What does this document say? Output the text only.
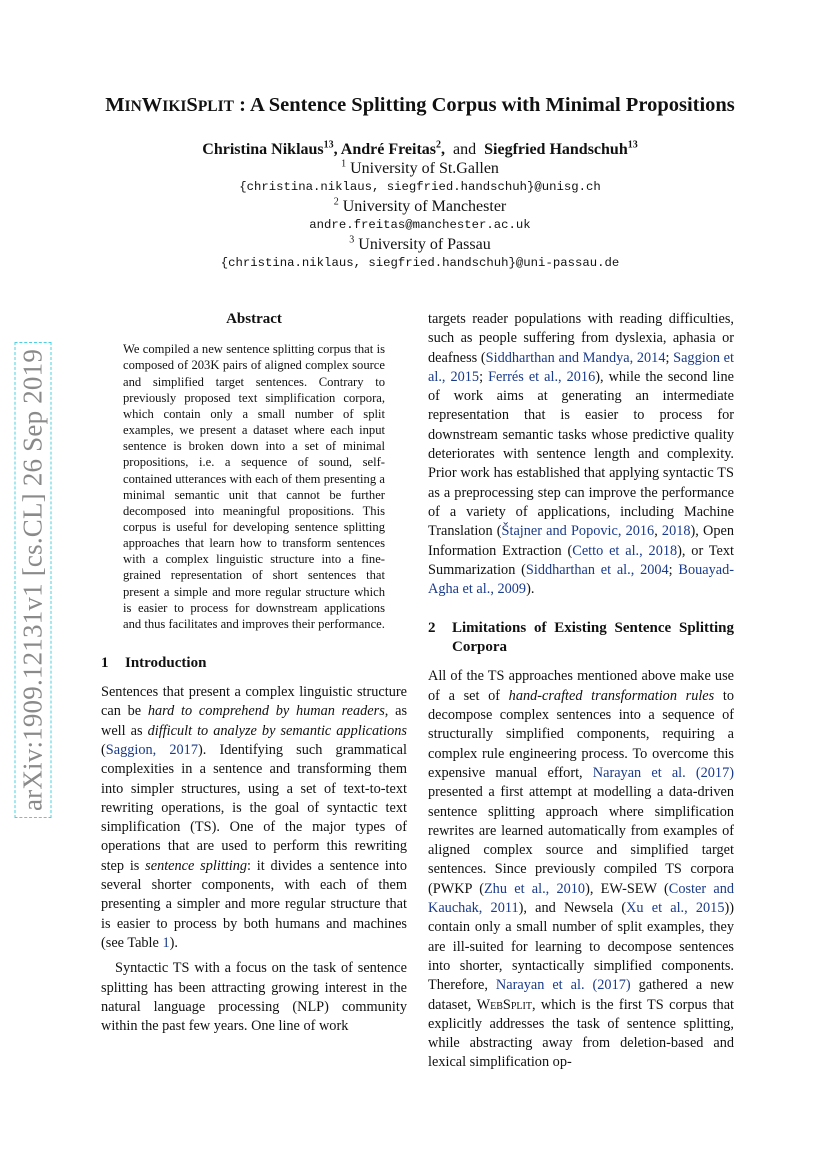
arXiv:1909.12131v1 [cs.CL] 26 Sep 2019
MINWIKISPLIT : A Sentence Splitting Corpus with Minimal Propositions
Christina Niklaus$^{13}$, André Freitas$^2$,  and Siegfried Handschuh$^{13}$
$^1$ University of St.Gallen
{christina.niklaus, siegfried.handschuh}@unisg.ch
$^2$ University of Manchester
andre.freitas@manchester.ac.uk
$^3$ University of Passau
{christina.niklaus, siegfried.handschuh}@uni-passau.de
Abstract

We compiled a new sentence splitting corpus that is composed of 203K pairs of aligned complex source and simplified target sentences. Contrary to previously proposed text simplification corpora, which contain only a small number of split examples, we present a dataset where each input sentence is broken down into a set of minimal propositions, i.e. a sequence of sound, self-contained utterances with each of them presenting a minimal semantic unit that cannot be further decomposed into meaningful propositions. This corpus is useful for developing sentence splitting approaches that learn how to transform sentences with a complex linguistic structure into a fine-grained representation of short sentences that present a simple and more regular structure which is easier to process for downstream applications and thus facilitates and improves their performance.

1	Introduction

Sentences that present a complex linguistic structure can be hard to comprehend by human readers, as well as difficult to analyze by semantic applications (Saggion, 2017). Identifying such grammatical complexities in a sentence and transforming them into simpler structures, using a set of text-to-text rewriting operations, is the goal of syntactic text simplification (TS). One of the major types of operations that are used to perform this rewriting step is sentence splitting: it divides a sentence into several shorter components, with each of them presenting a simpler and more regular structure that is easier to process by both humans and machines (see Table 1).

Syntactic TS with a focus on the task of sentence splitting has been attracting growing interest in the natural language processing (NLP) community within the past few years. One line of work

targets reader populations with reading difficulties, such as people suffering from dyslexia, aphasia or deafness (Siddharthan and Mandya, 2014; Saggion et al., 2015; Ferrés et al., 2016), while the second line of work aims at generating an intermediate representation that is easier to process for downstream semantic tasks whose predictive quality deteriorates with sentence length and complexity. Prior work has established that applying syntactic TS as a preprocessing step can improve the performance of a variety of applications, including Machine Translation (Štajner and Popovic, 2016, 2018), Open Information Extraction (Cetto et al., 2018), or Text Summarization (Siddharthan et al., 2004; Bouayad-Agha et al., 2009).

2	Limitations of Existing Sentence Splitting Corpora

All of the TS approaches mentioned above make use of a set of hand-crafted transformation rules to decompose complex sentences into a sequence of structurally simplified components, requiring a complex rule engineering process. To overcome this expensive manual effort, Narayan et al. (2017) presented a first attempt at modelling a data-driven sentence splitting approach where simplification rewrites are learned automatically from examples of aligned complex source and simplified target sentences. Since previously compiled TS corpora (PWKP (Zhu et al., 2010), EW-SEW (Coster and Kauchak, 2011), and Newsela (Xu et al., 2015)) contain only a small number of split examples, they are ill-suited for learning to decompose sentences into shorter, syntactically simplified components. Therefore, Narayan et al. (2017) gathered a new dataset, WebSplit, which is the first TS corpus that explicitly addresses the task of sentence splitting, while abstracting away from deletion-based and lexical simplification op-
